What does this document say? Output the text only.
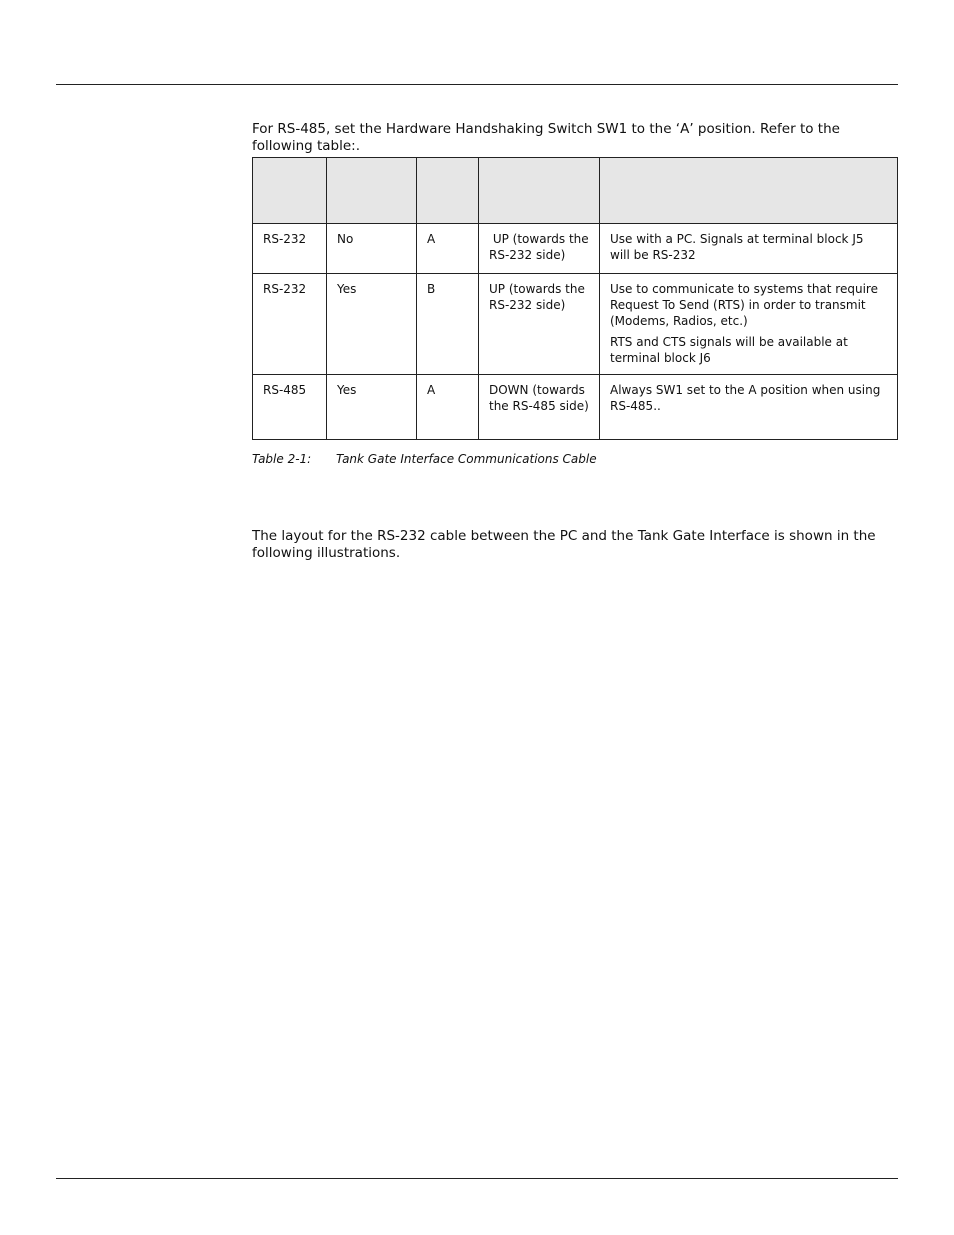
For RS-485, set the Hardware Handshaking Switch SW1 to the ‘A’ position. Refer to the following table:.

RS-232	No	A	UP (towards the RS-232 side)	Use with a PC. Signals at terminal block J5 will be RS-232

RS-232	Yes	B	UP (towards the RS-232 side)	Use to communicate to systems that require Request To Send (RTS) in order to transmit (Modems, Radios, etc.)

RTS and CTS signals will be available at terminal block J6

RS-485	Yes	A	DOWN (towards the RS-485 side)	Always SW1 set to the A position when using RS-485..

Table 2-1: Tank Gate Interface Communications Cable

The layout for the RS-232 cable between the PC and the Tank Gate Interface is shown in the following illustrations.
